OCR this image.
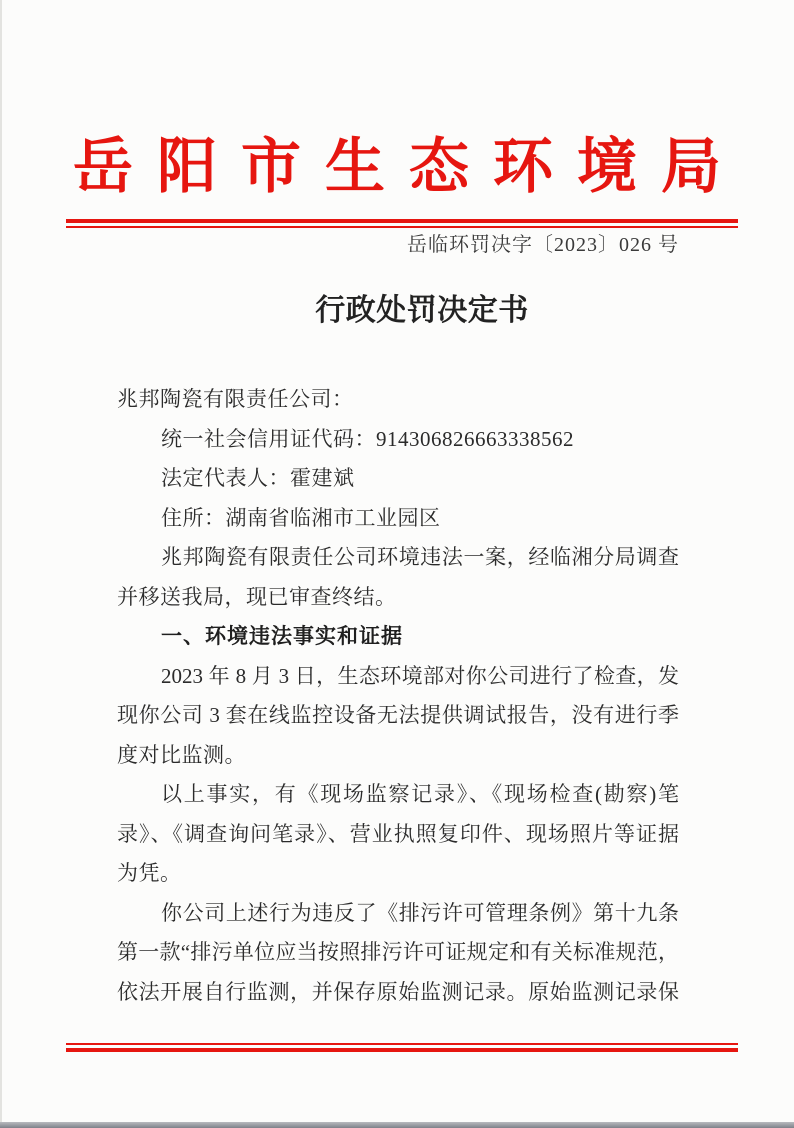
岳阳市生态环境局
岳临环罚决字〔2023〕026 号
行政处罚决定书
兆邦陶瓷有限责任公司：
统一社会信用证代码：914306826663338562
法定代表人：霍建斌
住所：湖南省临湘市工业园区
兆邦陶瓷有限责任公司环境违法一案，经临湘分局调查
并移送我局，现已审查终结。
一、环境违法事实和证据
2023 年 8 月 3 日，生态环境部对你公司进行了检查，发
现你公司 3 套在线监控设备无法提供调试报告，没有进行季
度对比监测。
以上事实，有《现场监察记录》、《现场检查(勘察)笔
录》、《调查询问笔录》、营业执照复印件、现场照片等证据
为凭。
你公司上述行为违反了《排污许可管理条例》第十九条
第一款“排污单位应当按照排污许可证规定和有关标准规范，
依法开展自行监测，并保存原始监测记录。原始监测记录保
